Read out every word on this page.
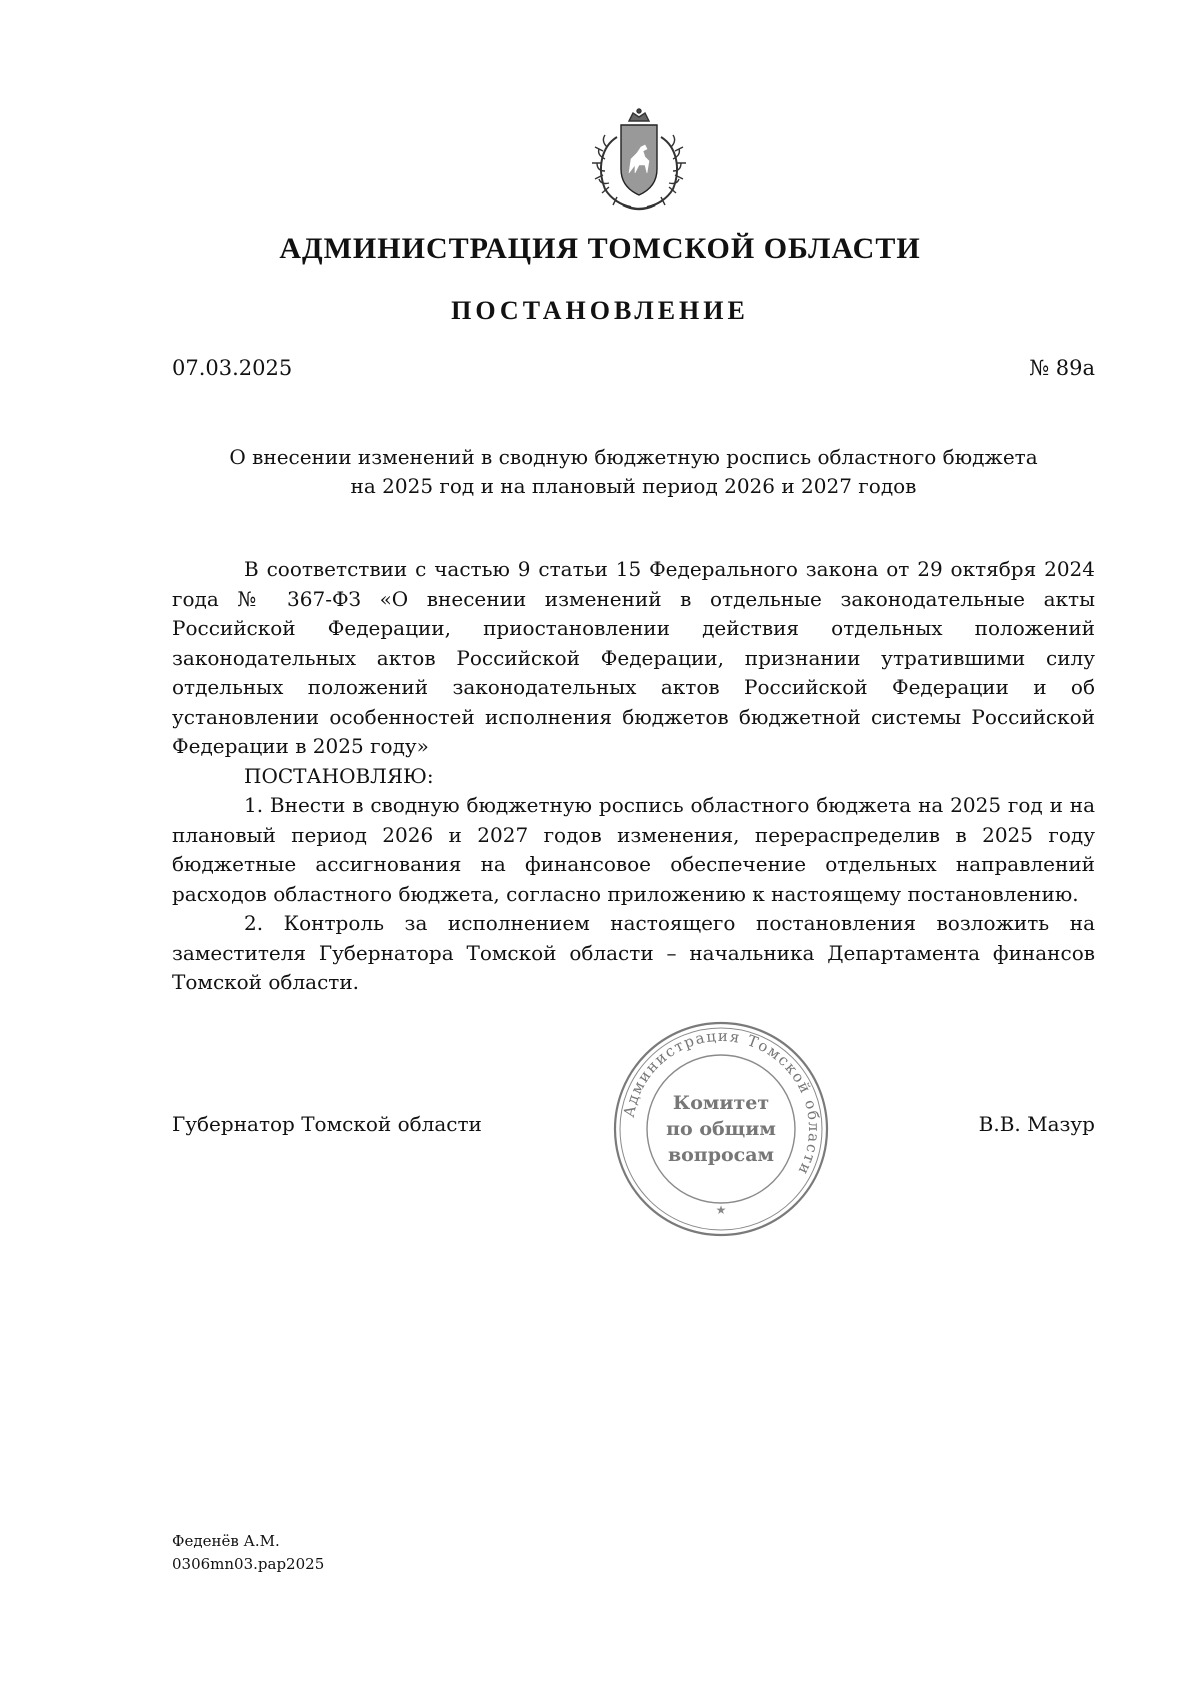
АДМИНИСТРАЦИЯ ТОМСКОЙ ОБЛАСТИ
ПОСТАНОВЛЕНИЕ
07.03.2025	№ 89а
О внесении изменений в сводную бюджетную роспись областного бюджета
на 2025 год и на плановый период 2026 и 2027 годов

В соответствии с частью 9 статьи 15 Федерального закона от 29 октября 2024 года № 367-ФЗ «О внесении изменений в отдельные законодательные акты Российской Федерации, приостановлении действия отдельных положений законодательных актов Российской Федерации, признании утратившими силу отдельных положений законодательных актов Российской Федерации и об установлении особенностей исполнения бюджетов бюджетной системы Российской Федерации в 2025 году»

ПОСТАНОВЛЯЮ:

1. Внести в сводную бюджетную роспись областного бюджета на 2025 год и на плановый период 2026 и 2027 годов изменения, перераспределив в 2025 году бюджетные ассигнования на финансовое обеспечение отдельных направлений расходов областного бюджета, согласно приложению к настоящему постановлению.

2. Контроль за исполнением настоящего постановления возложить на заместителя Губернатора Томской области – начальника Департамента финансов Томской области.

Губернатор Томской области	В.В. Мазур
Администрация Томской области
Комитет
по общим
вопросам
★
Феденёв А.М.
0306mn03.pap2025
